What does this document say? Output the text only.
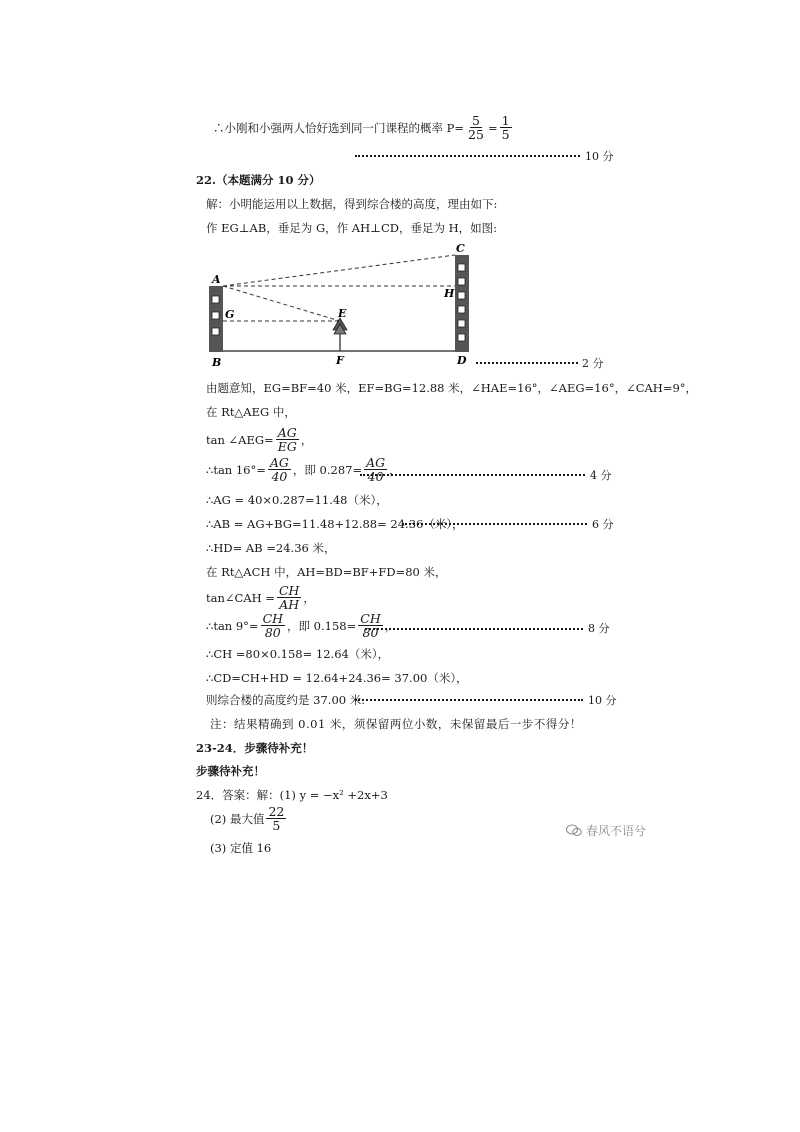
∴小刚和小强两人恰好选到同一门课程的概率 $P= \frac{5}{25} = \frac{1}{5}$
10 分
22.（本题满分 10 分）
解：小明能运用以上数据，得到综合楼的高度，理由如下:
作 EG⊥AB，垂足为 G，作 AH⊥CD，垂足为 H，如图:
A
B
C
D
E
F
G
H
2 分
由题意知，EG=BF=40 米，EF=BG=12.88 米，∠HAE=16°，∠AEG=16°，∠CAH=9°，
在 Rt△AEG 中，
tan ∠AEG= $\frac{AG}{EG}$ ，
∴tan $16^\circ= \frac{AG}{40}$ ，即 $0.287= \frac{AG}{40}$ ，	4 分
∴AG = 40×0.287=11.48（米），
∴AB = AG+BG=11.48+12.88= 24.36（米），	6 分
∴HD= AB =24.36 米，
在 Rt△ACH 中，AH=BD=BF+FD=80 米，
tan∠CAH = $\frac{CH}{AH}$ ，
∴tan $9^\circ= \frac{CH}{80}$ ，即 $0.158= \frac{CH}{80}$ ，	8 分
∴CH =80×0.158= 12.64（米），
∴CD=CH+HD = 12.64+24.36= 37.00（米），
则综合楼的高度约是 37.00 米.	10 分
注：结果精确到 0.01 米，须保留两位小数，未保留最后一步不得分！
23-24．步骤待补充！
步骤待补充！
24．答案：解：(1) y = −x² +2x+3
(2) 最大值 $\frac{22}{5}$
(3) 定值 16
春风不语兮
